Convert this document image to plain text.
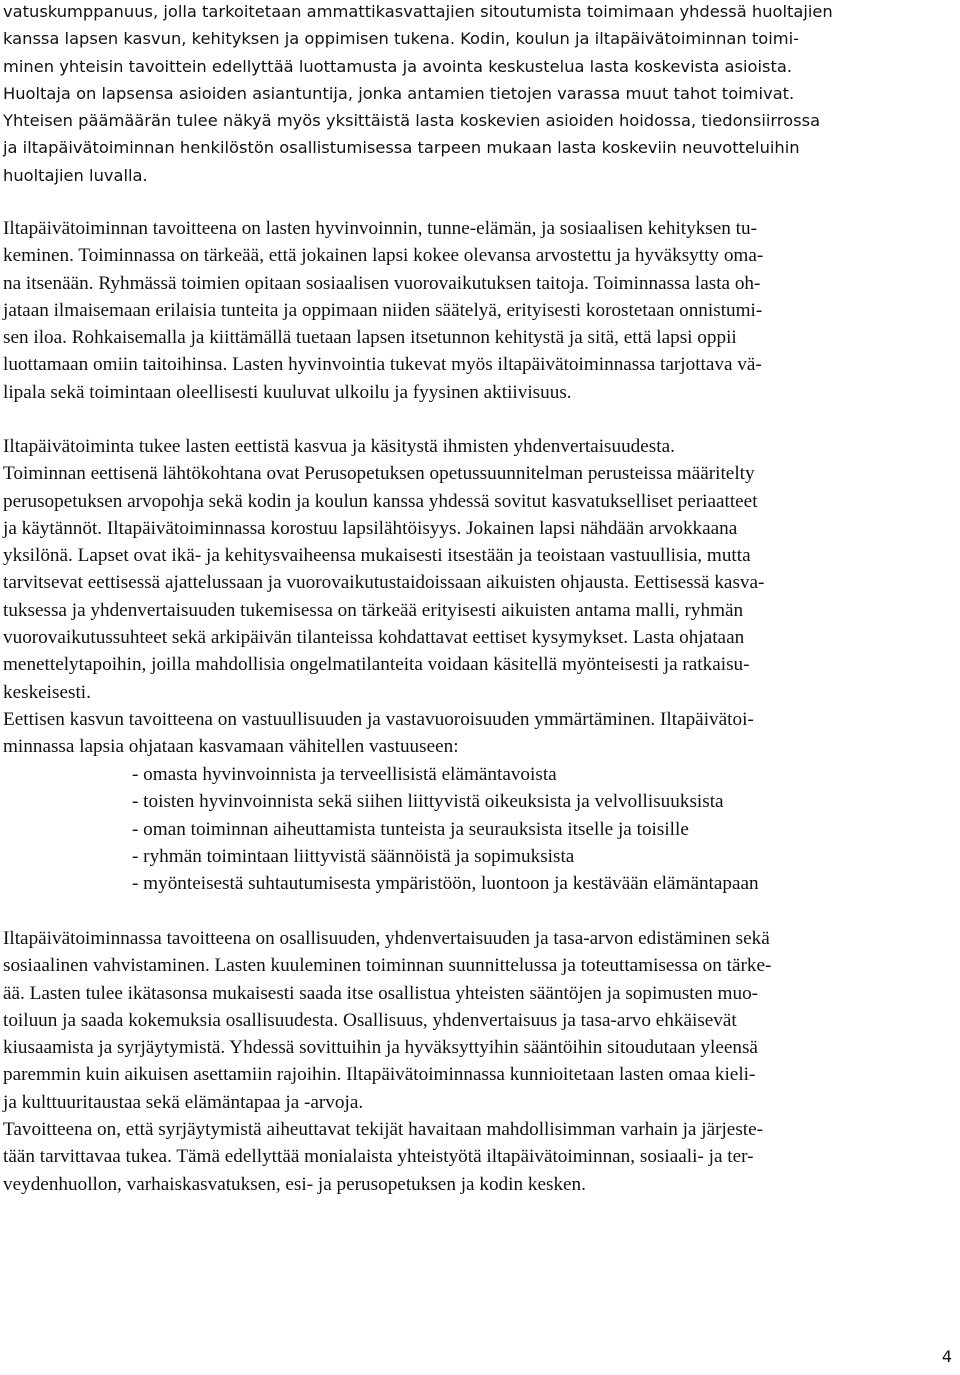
vatuskumppanuus, jolla tarkoitetaan ammattikasvattajien sitoutumista toimimaan yhdessä huoltajien
kanssa lapsen kasvun, kehityksen ja oppimisen tukena. Kodin, koulun ja iltapäivätoiminnan toimi-
minen yhteisin tavoittein edellyttää luottamusta ja avointa keskustelua lasta koskevista asioista.
Huoltaja on lapsensa asioiden asiantuntija, jonka antamien tietojen varassa muut tahot toimivat.
Yhteisen päämäärän tulee näkyä myös yksittäistä lasta koskevien asioiden hoidossa, tiedonsiirrossa
ja iltapäivätoiminnan henkilöstön osallistumisessa tarpeen mukaan lasta koskeviin neuvotteluihin
huoltajien luvalla.
Iltapäivätoiminnan tavoitteena on lasten hyvinvoinnin, tunne-elämän, ja sosiaalisen kehityksen tu-
keminen. Toiminnassa on tärkeää, että jokainen lapsi kokee olevansa arvostettu ja hyväksytty oma-
na itsenään. Ryhmässä toimien opitaan sosiaalisen vuorovaikutuksen taitoja. Toiminnassa lasta oh-
jataan ilmaisemaan erilaisia tunteita ja oppimaan niiden säätelyä, erityisesti korostetaan onnistumi-
sen iloa. Rohkaisemalla ja kiittämällä tuetaan lapsen itsetunnon kehitystä ja sitä, että lapsi oppii
luottamaan omiin taitoihinsa. Lasten hyvinvointia tukevat myös iltapäivätoiminnassa tarjottava vä-
lipala sekä toimintaan oleellisesti kuuluvat ulkoilu ja fyysinen aktiivisuus.
Iltapäivätoiminta tukee lasten eettistä kasvua ja käsitystä ihmisten yhdenvertaisuudesta.
Toiminnan eettisenä lähtökohtana ovat Perusopetuksen opetussuunnitelman perusteissa määritelty
perusopetuksen arvopohja sekä kodin ja koulun kanssa yhdessä sovitut kasvatukselliset periaatteet
ja käytännöt. Iltapäivätoiminnassa korostuu lapsilähtöisyys. Jokainen lapsi nähdään arvokkaana
yksilönä. Lapset ovat ikä- ja kehitysvaiheensa mukaisesti itsestään ja teoistaan vastuullisia, mutta
tarvitsevat eettisessä ajattelussaan ja vuorovaikutustaidoissaan aikuisten ohjausta. Eettisessä kasva-
tuksessa ja yhdenvertaisuuden tukemisessa on tärkeää erityisesti aikuisten antama malli, ryhmän
vuorovaikutussuhteet sekä arkipäivän tilanteissa kohdattavat eettiset kysymykset. Lasta ohjataan
menettelytapoihin, joilla mahdollisia ongelmatilanteita voidaan käsitellä myönteisesti ja ratkaisu-
keskeisesti.
Eettisen kasvun tavoitteena on vastuullisuuden ja vastavuoroisuuden ymmärtäminen. Iltapäivätoi-
minnassa lapsia ohjataan kasvamaan vähitellen vastuuseen:
- omasta hyvinvoinnista ja terveellisistä elämäntavoista
- toisten hyvinvoinnista sekä siihen liittyvistä oikeuksista ja velvollisuuksista
- oman toiminnan aiheuttamista tunteista ja seurauksista itselle ja toisille
- ryhmän toimintaan liittyvistä säännöistä ja sopimuksista
- myönteisestä suhtautumisesta ympäristöön, luontoon ja kestävään elämäntapaan
Iltapäivätoiminnassa tavoitteena on osallisuuden, yhdenvertaisuuden ja tasa-arvon edistäminen sekä
sosiaalinen vahvistaminen. Lasten kuuleminen toiminnan suunnittelussa ja toteuttamisessa on tärke-
ää. Lasten tulee ikätasonsa mukaisesti saada itse osallistua yhteisten sääntöjen ja sopimusten muo-
toiluun ja saada kokemuksia osallisuudesta. Osallisuus, yhdenvertaisuus ja tasa-arvo ehkäisevät
kiusaamista ja syrjäytymistä. Yhdessä sovittuihin ja hyväksyttyihin sääntöihin sitoudutaan yleensä
paremmin kuin aikuisen asettamiin rajoihin. Iltapäivätoiminnassa kunnioitetaan lasten omaa kieli-
ja kulttuuritaustaa sekä elämäntapaa ja -arvoja.
Tavoitteena on, että syrjäytymistä aiheuttavat tekijät havaitaan mahdollisimman varhain ja järjeste-
tään tarvittavaa tukea. Tämä edellyttää monialaista yhteistyötä iltapäivätoiminnan, sosiaali- ja ter-
veydenhuollon, varhaiskasvatuksen, esi- ja perusopetuksen ja kodin kesken.
4
